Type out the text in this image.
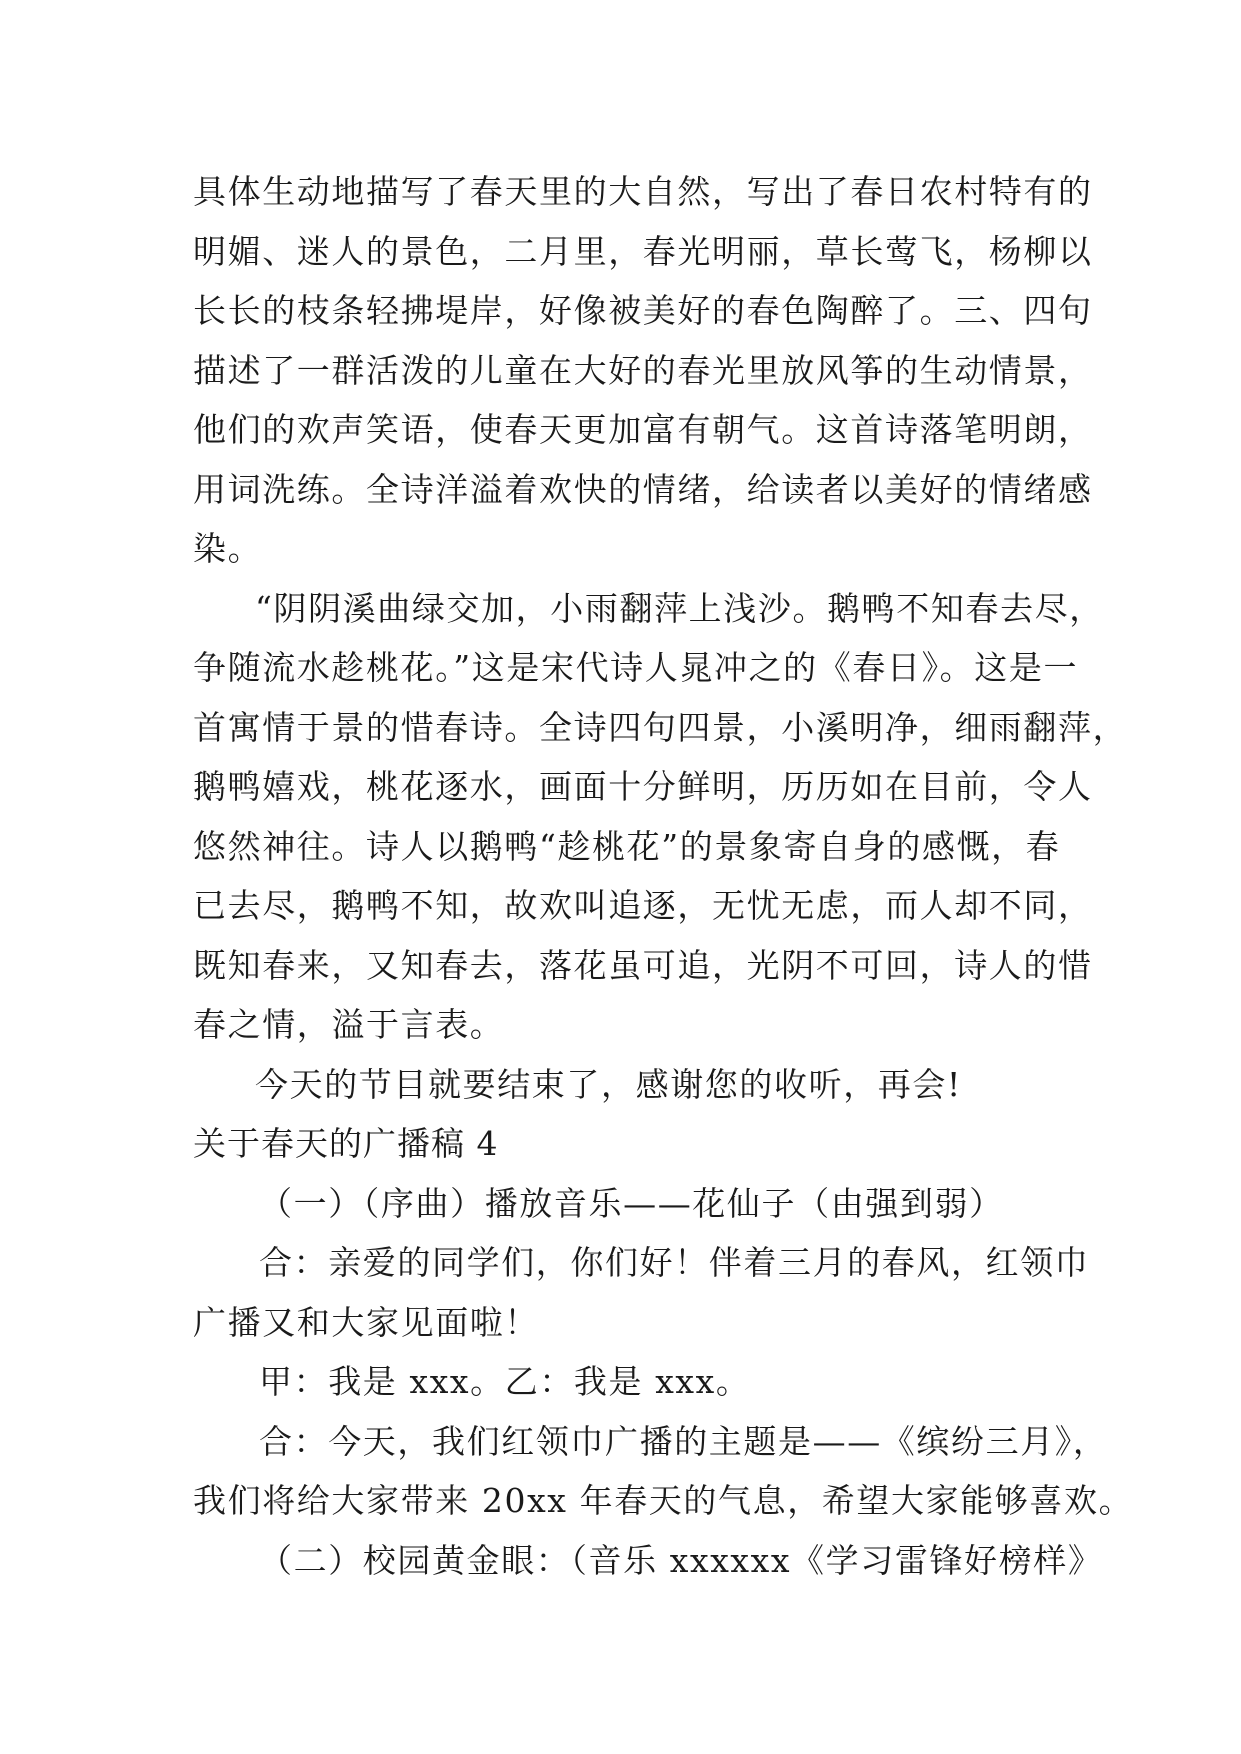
具体生动地描写了春天里的大自然，写出了春日农村特有的
明媚、迷人的景色，二月里，春光明丽，草长莺飞，杨柳以
长长的枝条轻拂堤岸，好像被美好的春色陶醉了。三、四句
描述了一群活泼的儿童在大好的春光里放风筝的生动情景，
他们的欢声笑语，使春天更加富有朝气。这首诗落笔明朗，
用词洗练。全诗洋溢着欢快的情绪，给读者以美好的情绪感
染。
“阴阴溪曲绿交加，小雨翻萍上浅沙。鹅鸭不知春去尽，
争随流水趁桃花。”这是宋代诗人晁冲之的《春日》。这是一
首寓情于景的惜春诗。全诗四句四景，小溪明净，细雨翻萍，
鹅鸭嬉戏，桃花逐水，画面十分鲜明，历历如在目前，令人
悠然神往。诗人以鹅鸭“趁桃花”的景象寄自身的感慨，春
已去尽，鹅鸭不知，故欢叫追逐，无忧无虑，而人却不同，
既知春来，又知春去，落花虽可追，光阴不可回，诗人的惜
春之情，溢于言表。
今天的节目就要结束了，感谢您的收听，再会!
关于春天的广播稿 4
（一）（序曲）播放音乐——花仙子（由强到弱）
合：亲爱的同学们，你们好！伴着三月的春风，红领巾
广播又和大家见面啦！
甲：我是 xxx。乙：我是 xxx。
合：今天，我们红领巾广播的主题是——《缤纷三月》，
我们将给大家带来 20xx 年春天的气息，希望大家能够喜欢。
（二）校园黄金眼：（音乐 xxxxxx《学习雷锋好榜样》
